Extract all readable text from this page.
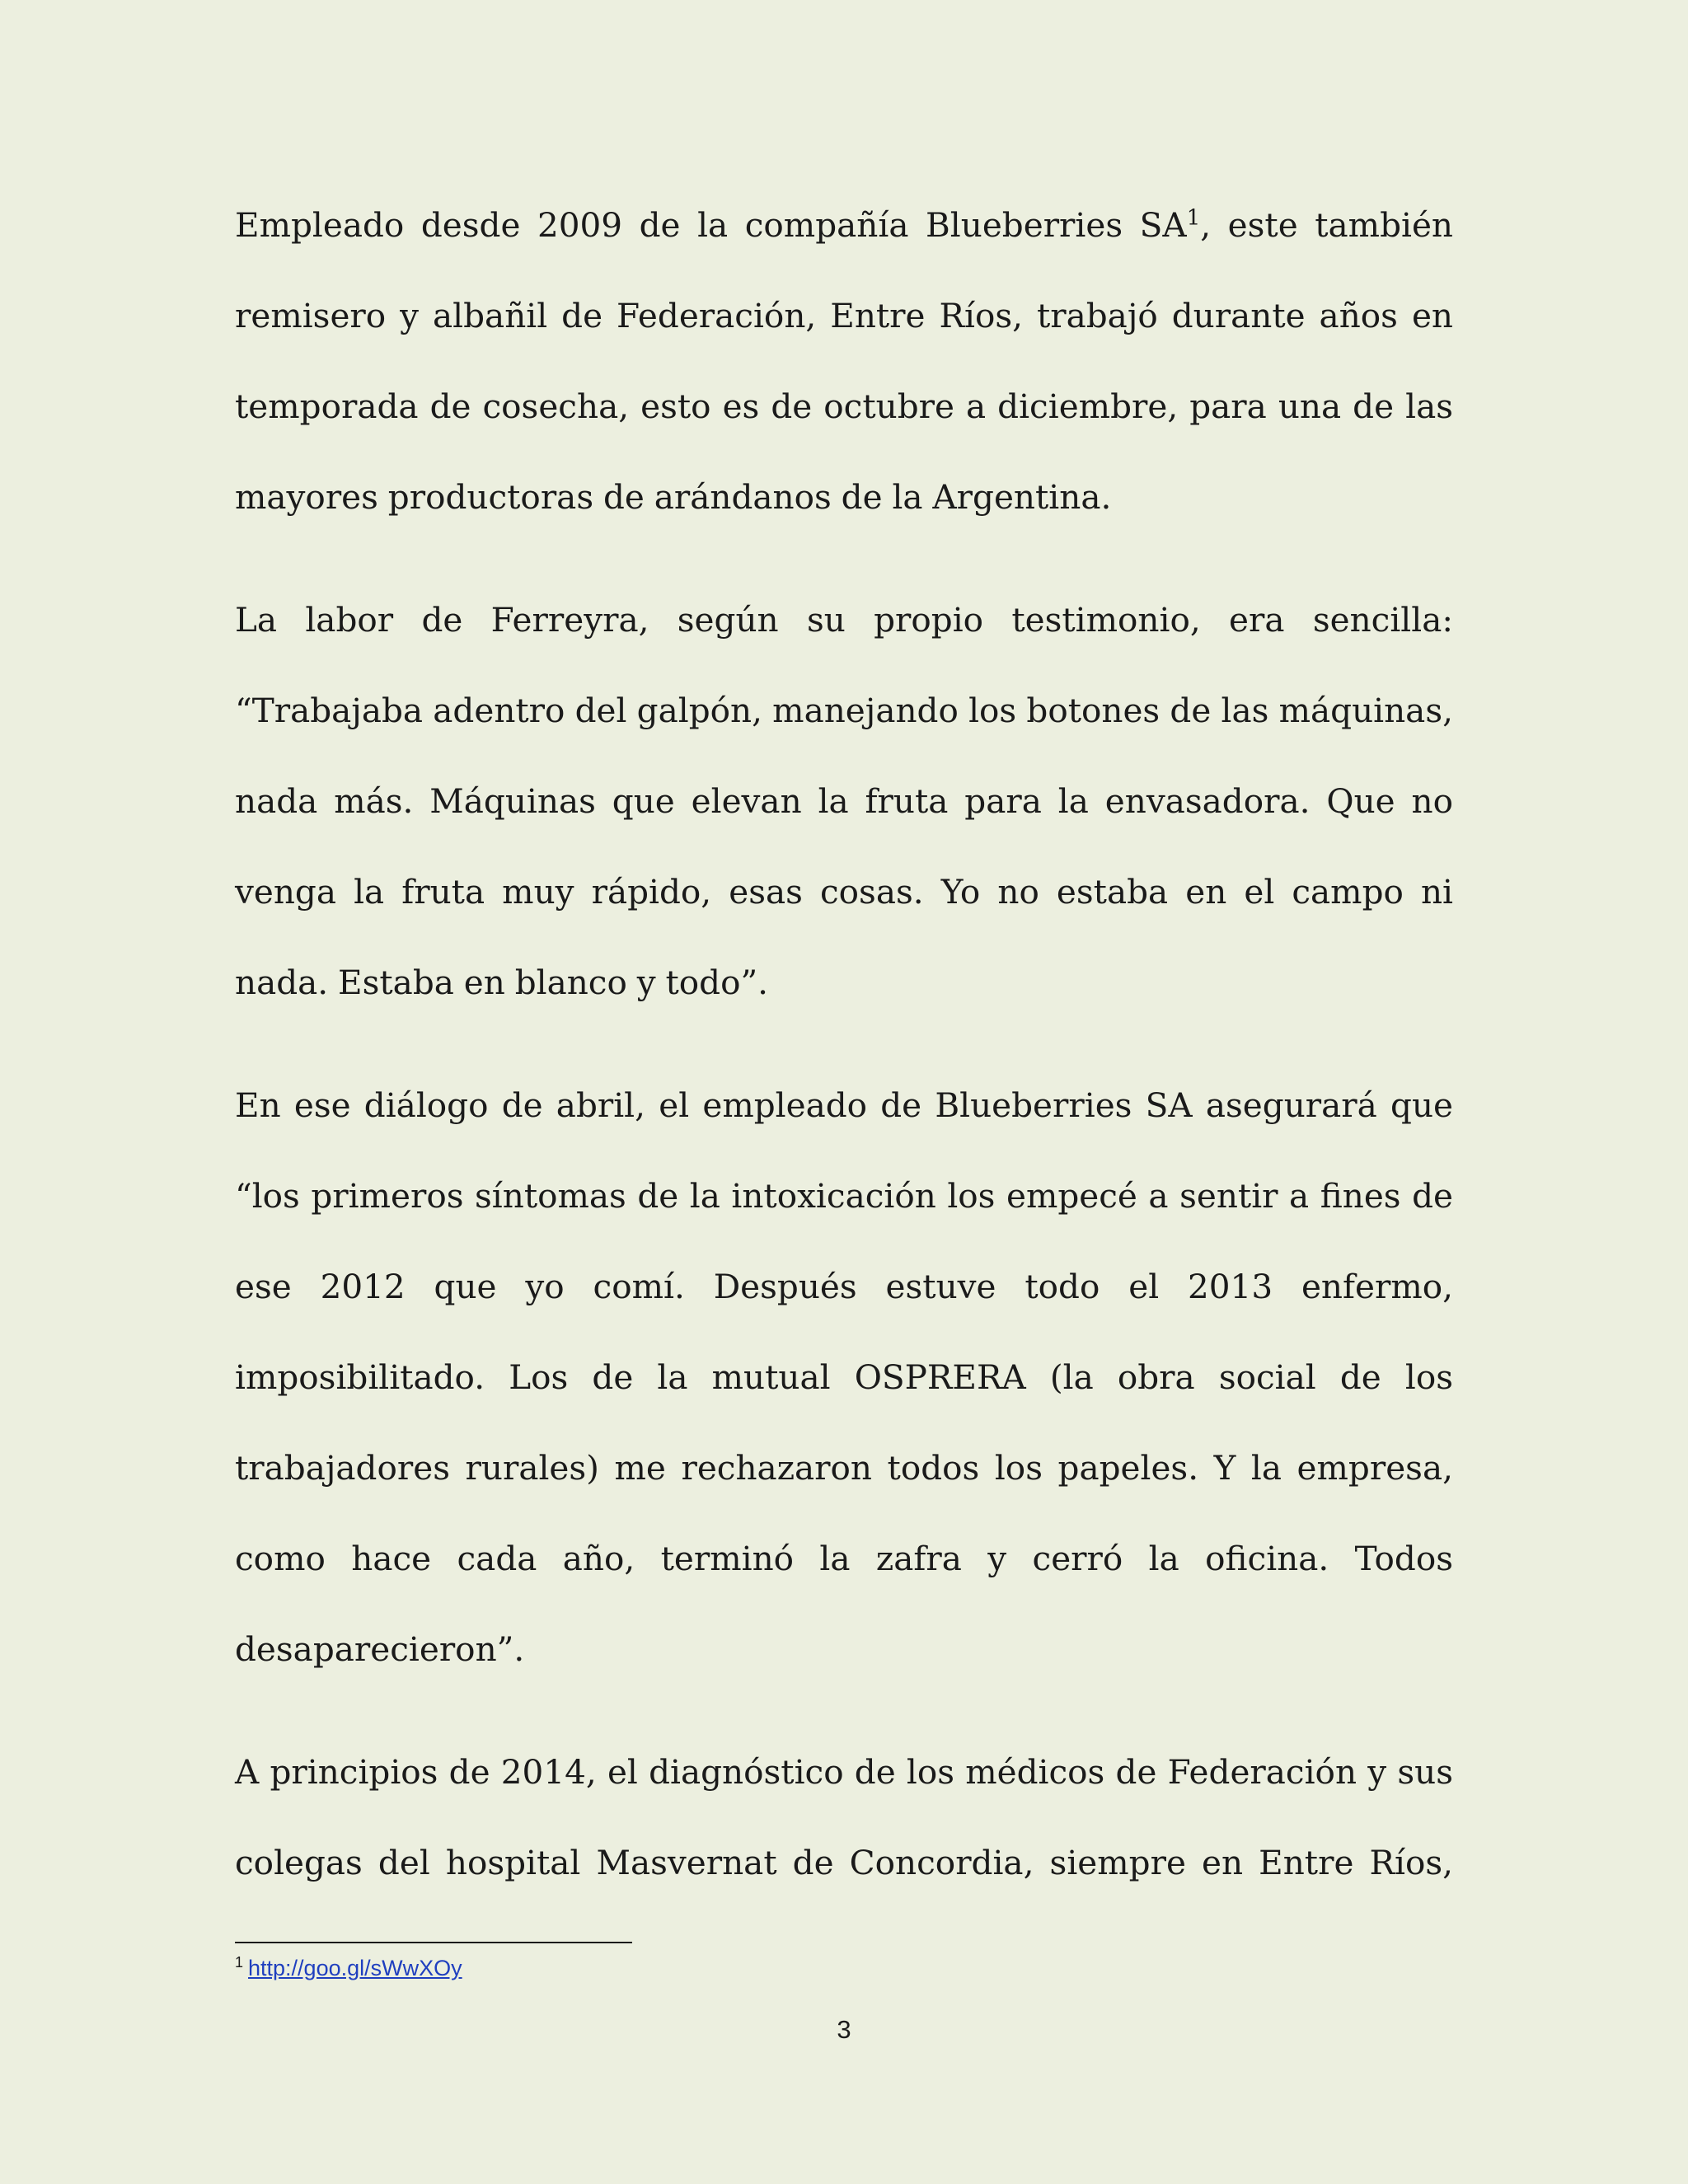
Empleado desde 2009 de la compañía Blueberries $SA^1$, este también remisero y albañil de Federación, Entre Ríos, trabajó durante años en temporada de cosecha, esto es de octubre a diciembre, para una de las mayores productoras de arándanos de la Argentina.

La labor de Ferreyra, según su propio testimonio, era sencilla: “Trabajaba adentro del galpón, manejando los botones de las máquinas, nada más. Máquinas que elevan la fruta para la envasadora. Que no venga la fruta muy rápido, esas cosas. Yo no estaba en el campo ni nada. Estaba en blanco y todo”.

En ese diálogo de abril, el empleado de Blueberries SA asegurará que “los primeros síntomas de la intoxicación los empecé a sentir a fines de ese 2012 que yo comí. Después estuve todo el 2013 enfermo, imposibilitado. Los de la mutual OSPRERA (la obra social de los trabajadores rurales) me rechazaron todos los papeles. Y la empresa, como hace cada año, terminó la zafra y cerró la oficina. Todos desaparecieron”.

A principios de 2014, el diagnóstico de los médicos de Federación y sus colegas del hospital Masvernat de Concordia, siempre en Entre Ríos,

$^1$ http://goo.gl/sWwXOy
3
